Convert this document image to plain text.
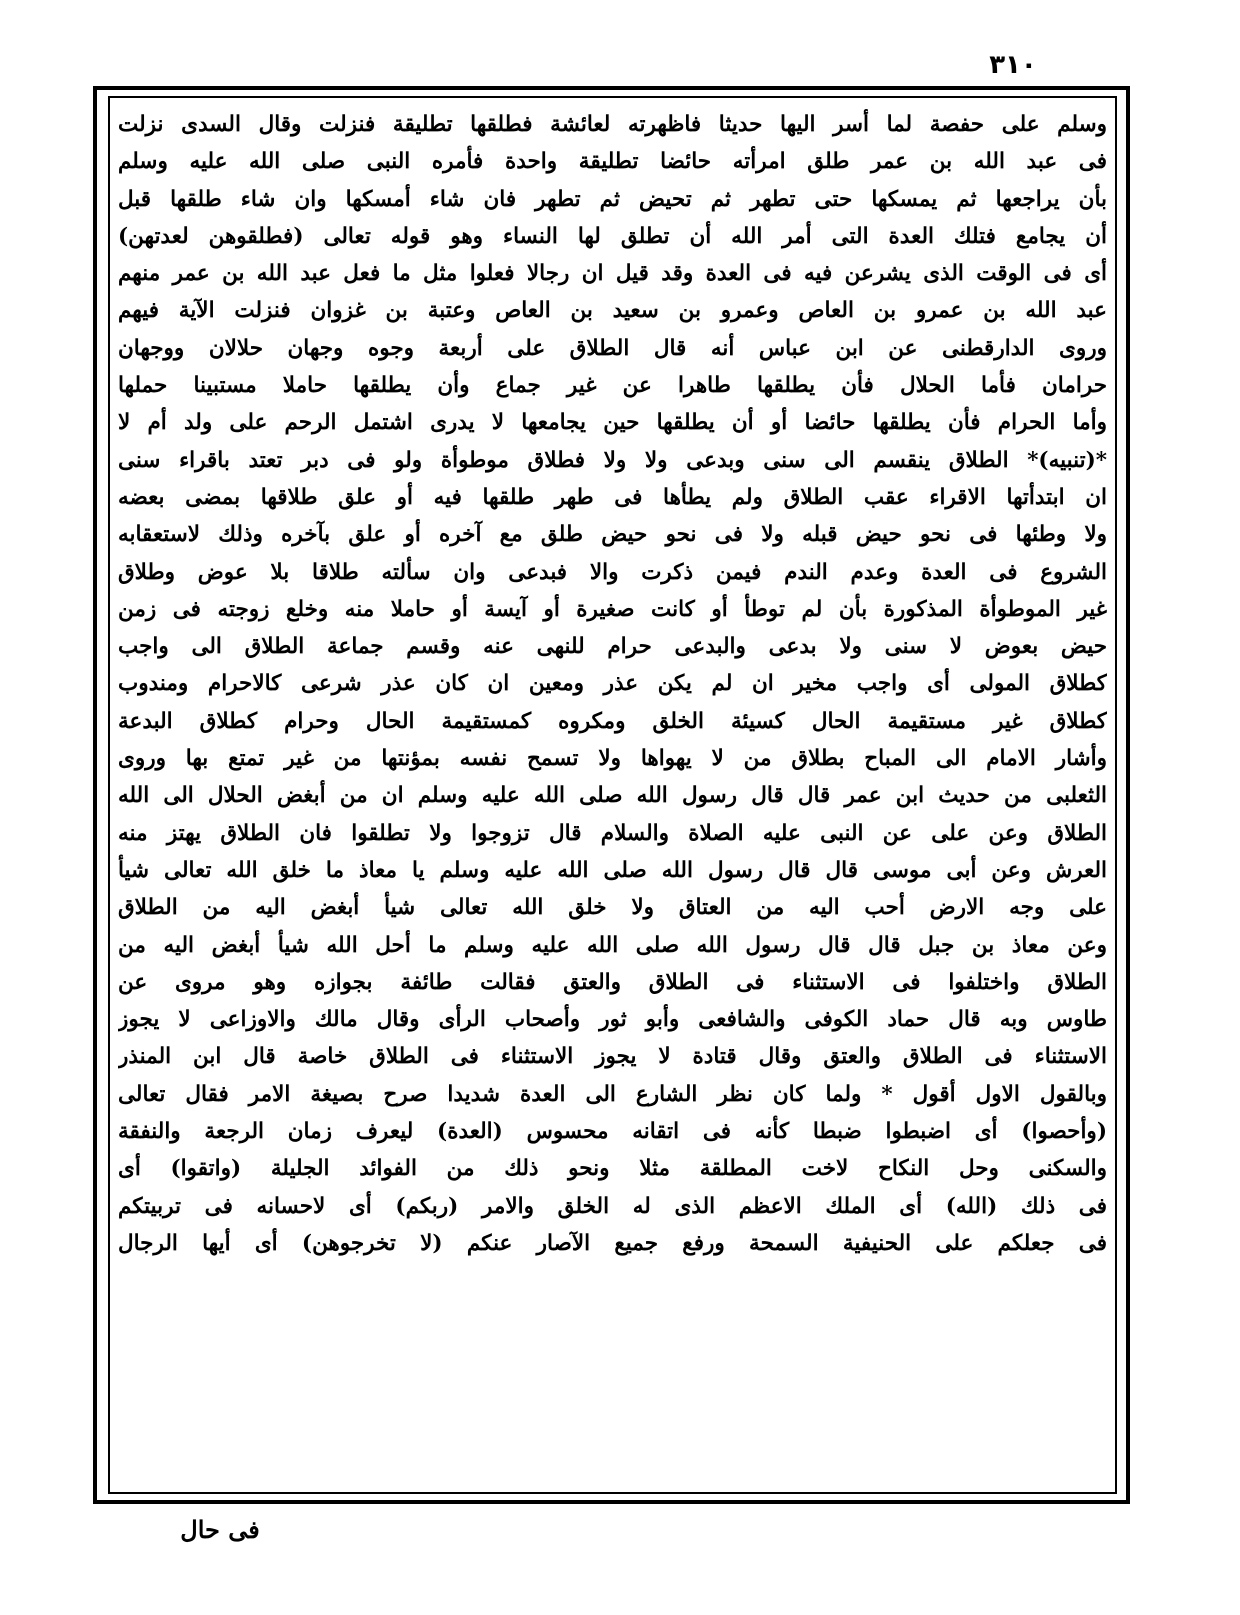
٣١٠
وسلم على حفصة لما أسر اليها حديثا فاظهرته لعائشة فطلقها تطليقة فنزلت وقال السدى نزلت
فى عبد الله بن عمر طلق امرأته حائضا تطليقة واحدة فأمره النبى صلى الله عليه وسلم
بأن يراجعها ثم يمسكها حتى تطهر ثم تحيض ثم تطهر فان شاء أمسكها وان شاء طلقها قبل
أن يجامع فتلك العدة التى أمر الله أن تطلق لها النساء وهو قوله تعالى (فطلقوهن لعدتهن)
أى فى الوقت الذى يشرعن فيه فى العدة وقد قيل ان رجالا فعلوا مثل ما فعل عبد الله بن عمر منهم
عبد الله بن عمرو بن العاص وعمرو بن سعيد بن العاص وعتبة بن غزوان فنزلت الآية فيهم
وروى الدارقطنى عن ابن عباس أنه قال الطلاق على أربعة وجوه وجهان حلالان ووجهان
حرامان فأما الحلال فأن يطلقها طاهرا عن غير جماع وأن يطلقها حاملا مستبينا حملها
وأما الحرام فأن يطلقها حائضا أو أن يطلقها حين يجامعها لا يدرى اشتمل الرحم على ولد أم لا
*(تنبيه)* الطلاق ينقسم الى سنى وبدعى ولا ولا فطلاق موطوأة ولو فى دبر تعتد باقراء سنى
ان ابتدأتها الاقراء عقب الطلاق ولم يطأها فى طهر طلقها فيه أو علق طلاقها بمضى بعضه
ولا وطئها فى نحو حيض قبله ولا فى نحو حيض طلق مع آخره أو علق بآخره وذلك لاستعقابه
الشروع فى العدة وعدم الندم فيمن ذكرت والا فبدعى وان سألته طلاقا بلا عوض وطلاق
غير الموطوأة المذكورة بأن لم توطأ أو كانت صغيرة أو آيسة أو حاملا منه وخلع زوجته فى زمن
حيض بعوض لا سنى ولا بدعى والبدعى حرام للنهى عنه وقسم جماعة الطلاق الى واجب
كطلاق المولى أى واجب مخير ان لم يكن عذر ومعين ان كان عذر شرعى كالاحرام ومندوب
كطلاق غير مستقيمة الحال كسيئة الخلق ومكروه كمستقيمة الحال وحرام كطلاق البدعة
وأشار الامام الى المباح بطلاق من لا يهواها ولا تسمح نفسه بمؤنتها من غير تمتع بها وروى
الثعلبى من حديث ابن عمر قال قال رسول الله صلى الله عليه وسلم ان من أبغض الحلال الى الله
الطلاق وعن على عن النبى عليه الصلاة والسلام قال تزوجوا ولا تطلقوا فان الطلاق يهتز منه
العرش وعن أبى موسى قال قال رسول الله صلى الله عليه وسلم يا معاذ ما خلق الله تعالى شيأ
على وجه الارض أحب اليه من العتاق ولا خلق الله تعالى شيأ أبغض اليه من الطلاق
وعن معاذ بن جبل قال قال رسول الله صلى الله عليه وسلم ما أحل الله شيأ أبغض اليه من
الطلاق واختلفوا فى الاستثناء فى الطلاق والعتق فقالت طائفة بجوازه وهو مروى عن
طاوس وبه قال حماد الكوفى والشافعى وأبو ثور وأصحاب الرأى وقال مالك والاوزاعى لا يجوز
الاستثناء فى الطلاق والعتق وقال قتادة لا يجوز الاستثناء فى الطلاق خاصة قال ابن المنذر
وبالقول الاول أقول * ولما كان نظر الشارع الى العدة شديدا صرح بصيغة الامر فقال تعالى
(وأحصوا) أى اضبطوا ضبطا كأنه فى اتقانه محسوس (العدة) ليعرف زمان الرجعة والنفقة
والسكنى وحل النكاح لاخت المطلقة مثلا ونحو ذلك من الفوائد الجليلة (واتقوا) أى
فى ذلك (الله) أى الملك الاعظم الذى له الخلق والامر (ربكم) أى لاحسانه فى تربيتكم
فى جعلكم على الحنيفية السمحة ورفع جميع الآصار عنكم (لا تخرجوهن) أى أيها الرجال
فى حال
